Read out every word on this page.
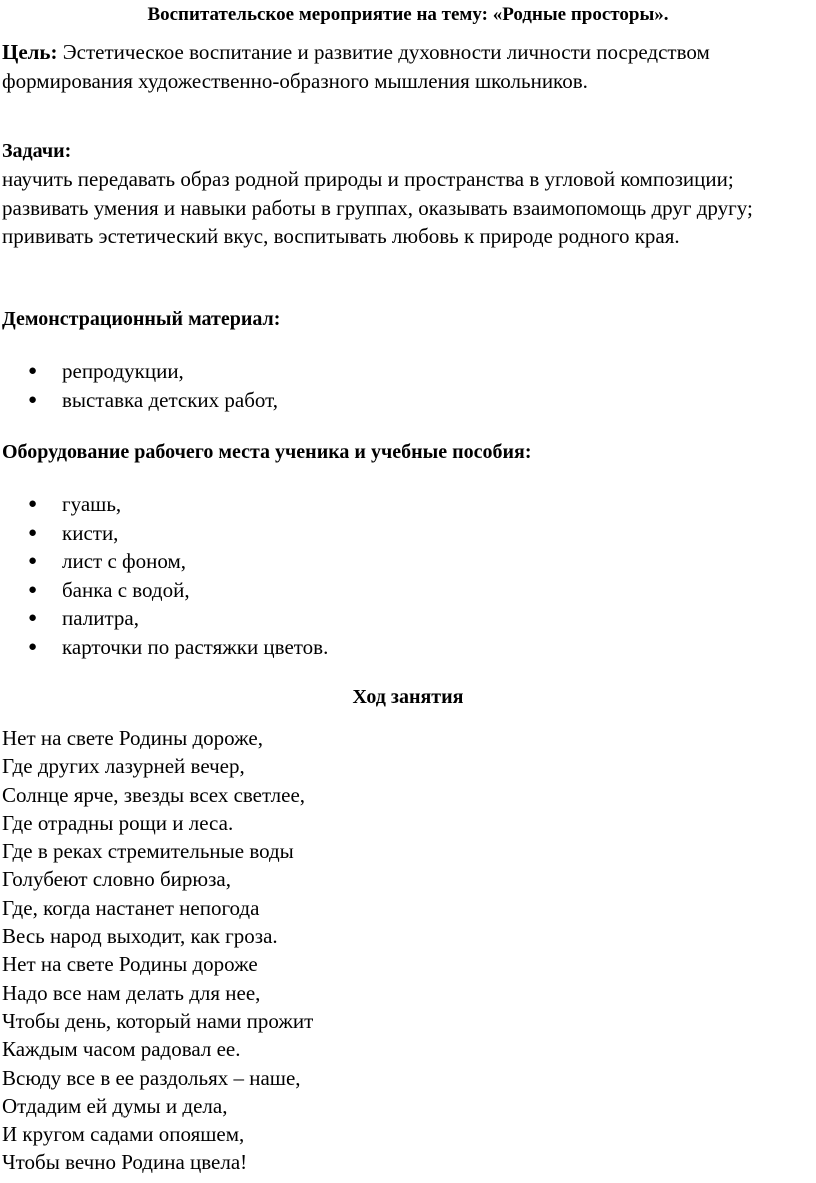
Воспитательское мероприятие на тему: «Родные просторы».
Цель: Эстетическое воспитание и развитие духовности личности посредством формирования художественно-образного мышления школьников.
Задачи:
научить передавать образ родной природы и пространства в угловой композиции; развивать умения и навыки работы в группах, оказывать взаимопомощь друг другу; прививать эстетический вкус, воспитывать любовь к природе родного края.
Демонстрационный материал:
● репродукции,
● выставка детских работ,
Оборудование рабочего места ученика и учебные пособия:
● гуашь,
● кисти,
● лист с фоном,
● банка с водой,
● палитра,
● карточки по растяжки цветов.
Ход занятия
Нет на свете Родины дороже,
Где других лазурней вечер,
Солнце ярче, звезды всех светлее,
Где отрадны рощи и леса.
Где в реках стремительные воды
Голубеют словно бирюза,
Где, когда настанет непогода
Весь народ выходит, как гроза.
Нет на свете Родины дороже
Надо все нам делать для нее,
Чтобы день, который нами прожит
Каждым часом радовал ее.
Всюду все в ее раздольях – наше,
Отдадим ей думы и дела,
И кругом садами опояшем,
Чтобы вечно Родина цвела!
